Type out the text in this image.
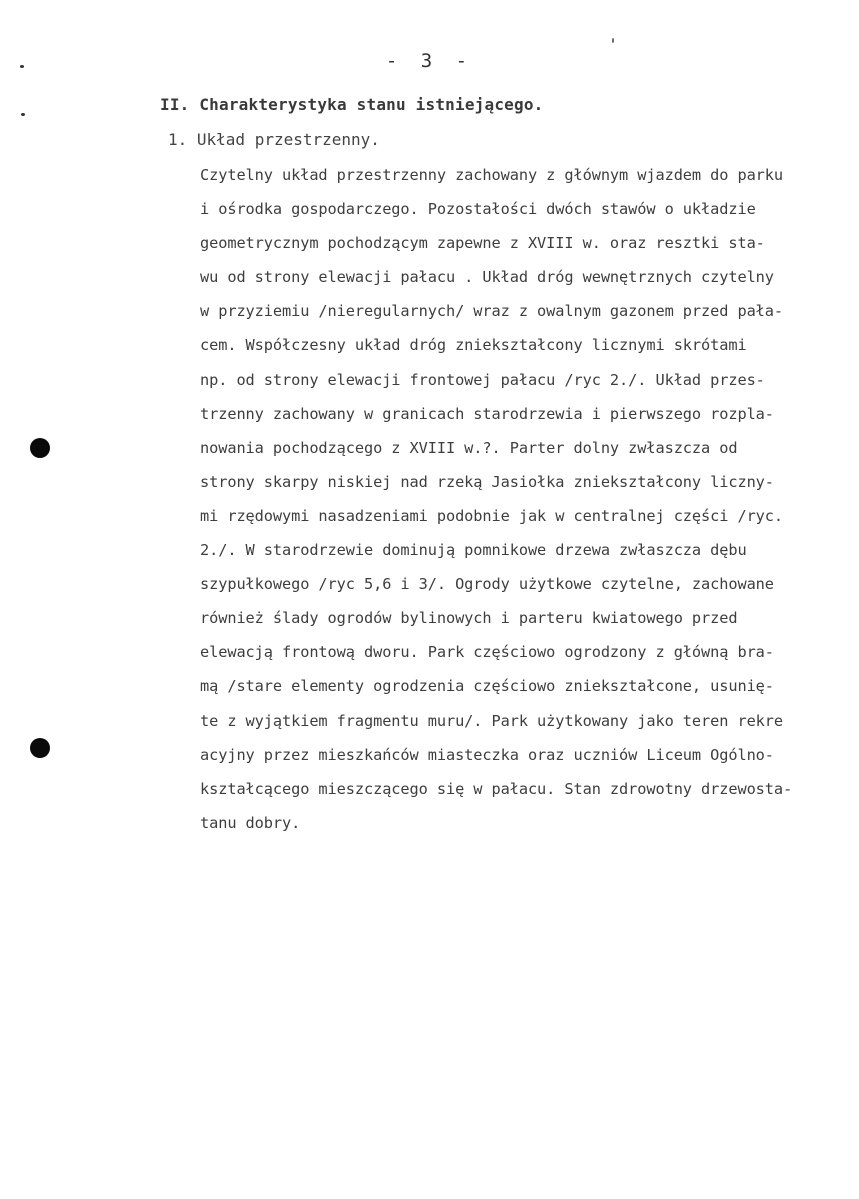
- 3 -
II. Charakterystyka stanu istniejącego.
1. Układ przestrzenny.
Czytelny układ przestrzenny zachowany z głównym wjazdem do parku
i ośrodka gospodarczego. Pozostałości dwóch stawów o układzie
geometrycznym pochodzącym zapewne z XVIII w. oraz resztki sta-
wu od strony elewacji pałacu . Układ dróg wewnętrznych czytelny
w przyziemiu /nieregularnych/ wraz z owalnym gazonem przed pała-
cem. Współczesny układ dróg zniekształcony licznymi skrótami
np. od strony elewacji frontowej pałacu /ryc 2./. Układ przes-
trzenny zachowany w granicach starodrzewia i pierwszego rozpla-
nowania pochodzącego z XVIII w.?. Parter dolny zwłaszcza od
strony skarpy niskiej nad rzeką Jasiołka zniekształcony liczny-
mi rzędowymi nasadzeniami podobnie jak w centralnej części /ryc.
2./. W starodrzewie dominują pomnikowe drzewa zwłaszcza dębu
szypułkowego /ryc 5,6 i 3/. Ogrody użytkowe czytelne, zachowane
również ślady ogrodów bylinowych i parteru kwiatowego przed
elewacją frontową dworu. Park częściowo ogrodzony z główną bra-
mą /stare elementy ogrodzenia częściowo zniekształcone, usunię-
te z wyjątkiem fragmentu muru/. Park użytkowany jako teren rekre
acyjny przez mieszkańców miasteczka oraz uczniów Liceum Ogólno-
kształcącego mieszczącego się w pałacu. Stan zdrowotny drzewosta-
tanu dobry.
